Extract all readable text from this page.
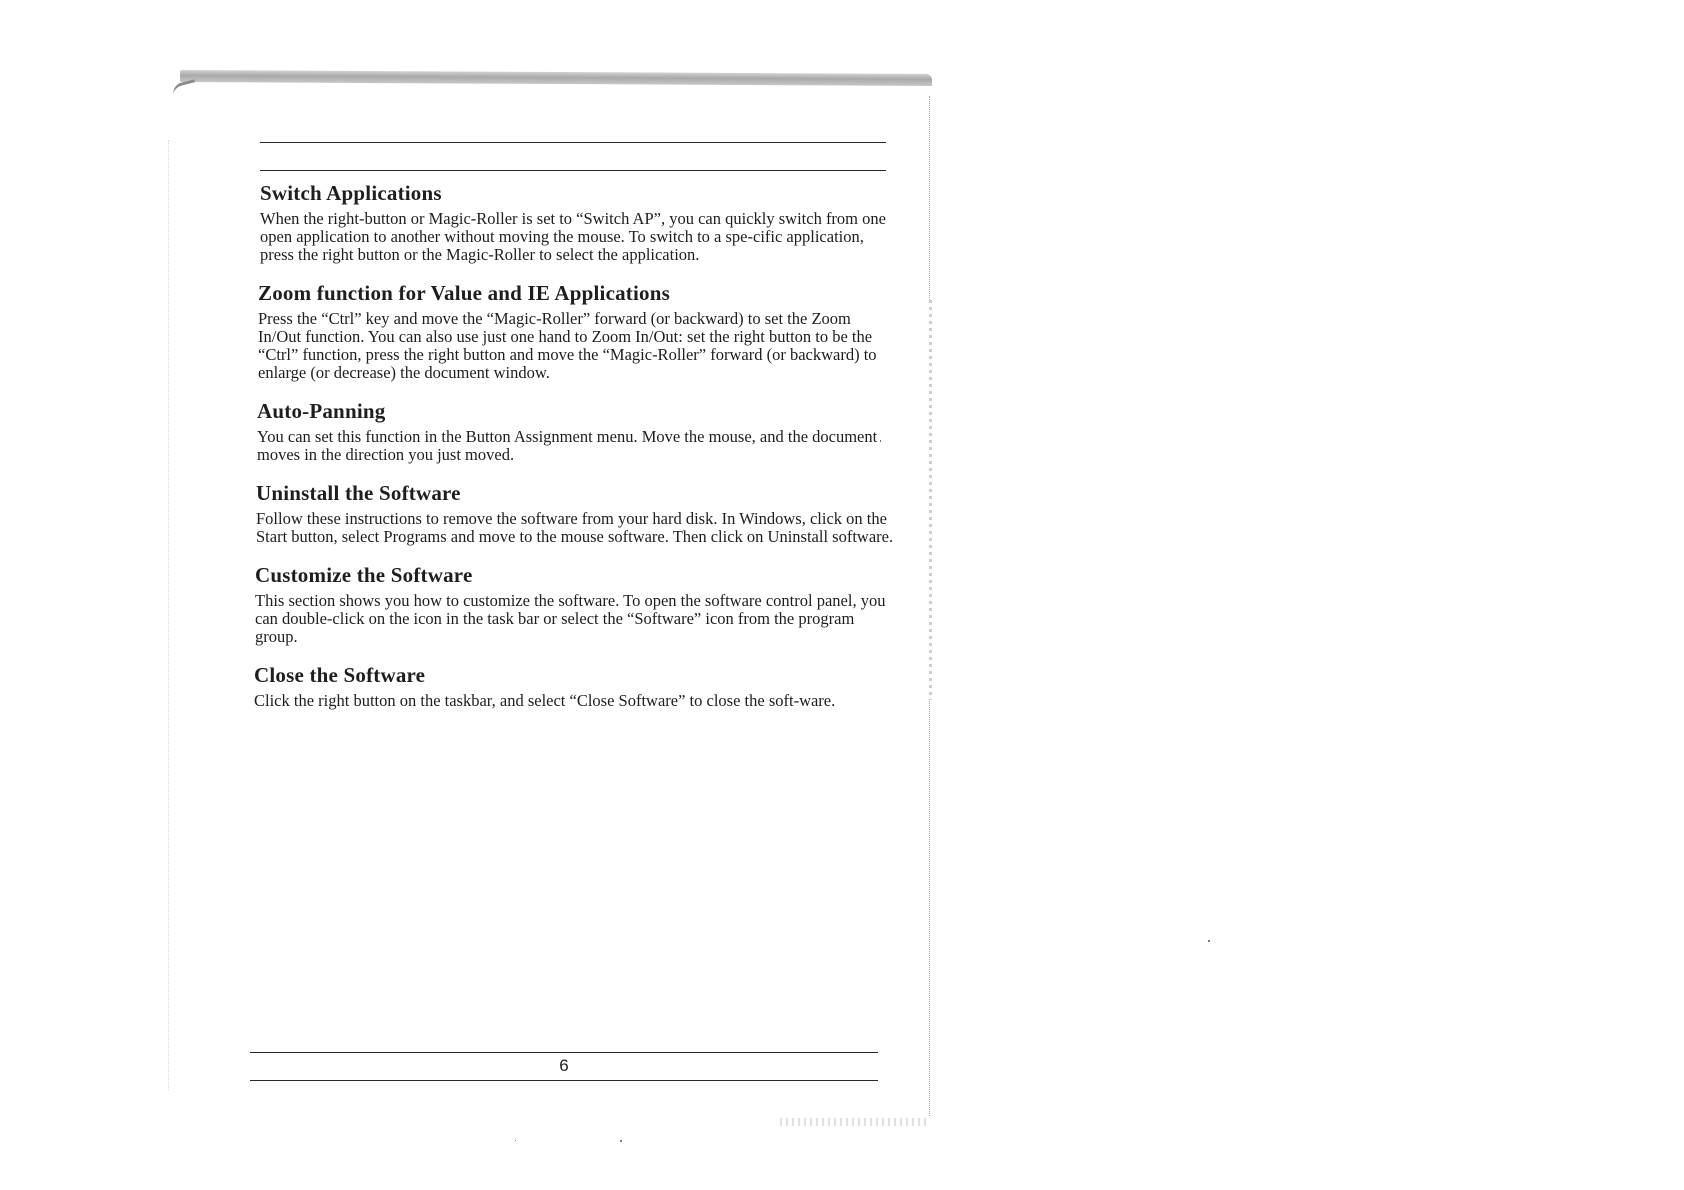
Switch Applications

When the right-button or Magic-Roller is set to “Switch AP”, you can quickly switch from one open application to another without moving the mouse. To switch to a spe-cific application, press the right button or the Magic-Roller to select the application.

Zoom function for Value and IE Applications

Press the “Ctrl” key and move the “Magic-Roller” forward (or backward) to set the Zoom In/Out function. You can also use just one hand to Zoom In/Out: set the right button to be the “Ctrl” function, press the right button and move the “Magic-Roller” forward (or backward) to enlarge (or decrease) the document window.

Auto-Panning

You can set this function in the Button Assignment menu. Move the mouse, and the document moves in the direction you just moved.

Uninstall the Software

Follow these instructions to remove the software from your hard disk. In Windows, click on the Start button, select Programs and move to the mouse software. Then click on Uninstall software.

Customize the Software

This section shows you how to customize the software. To open the software control panel, you can double-click on the icon in the task bar or select the “Software” icon from the program group.

Close the Software

Click the right button on the taskbar, and select “Close Software” to close the soft-ware.

6
